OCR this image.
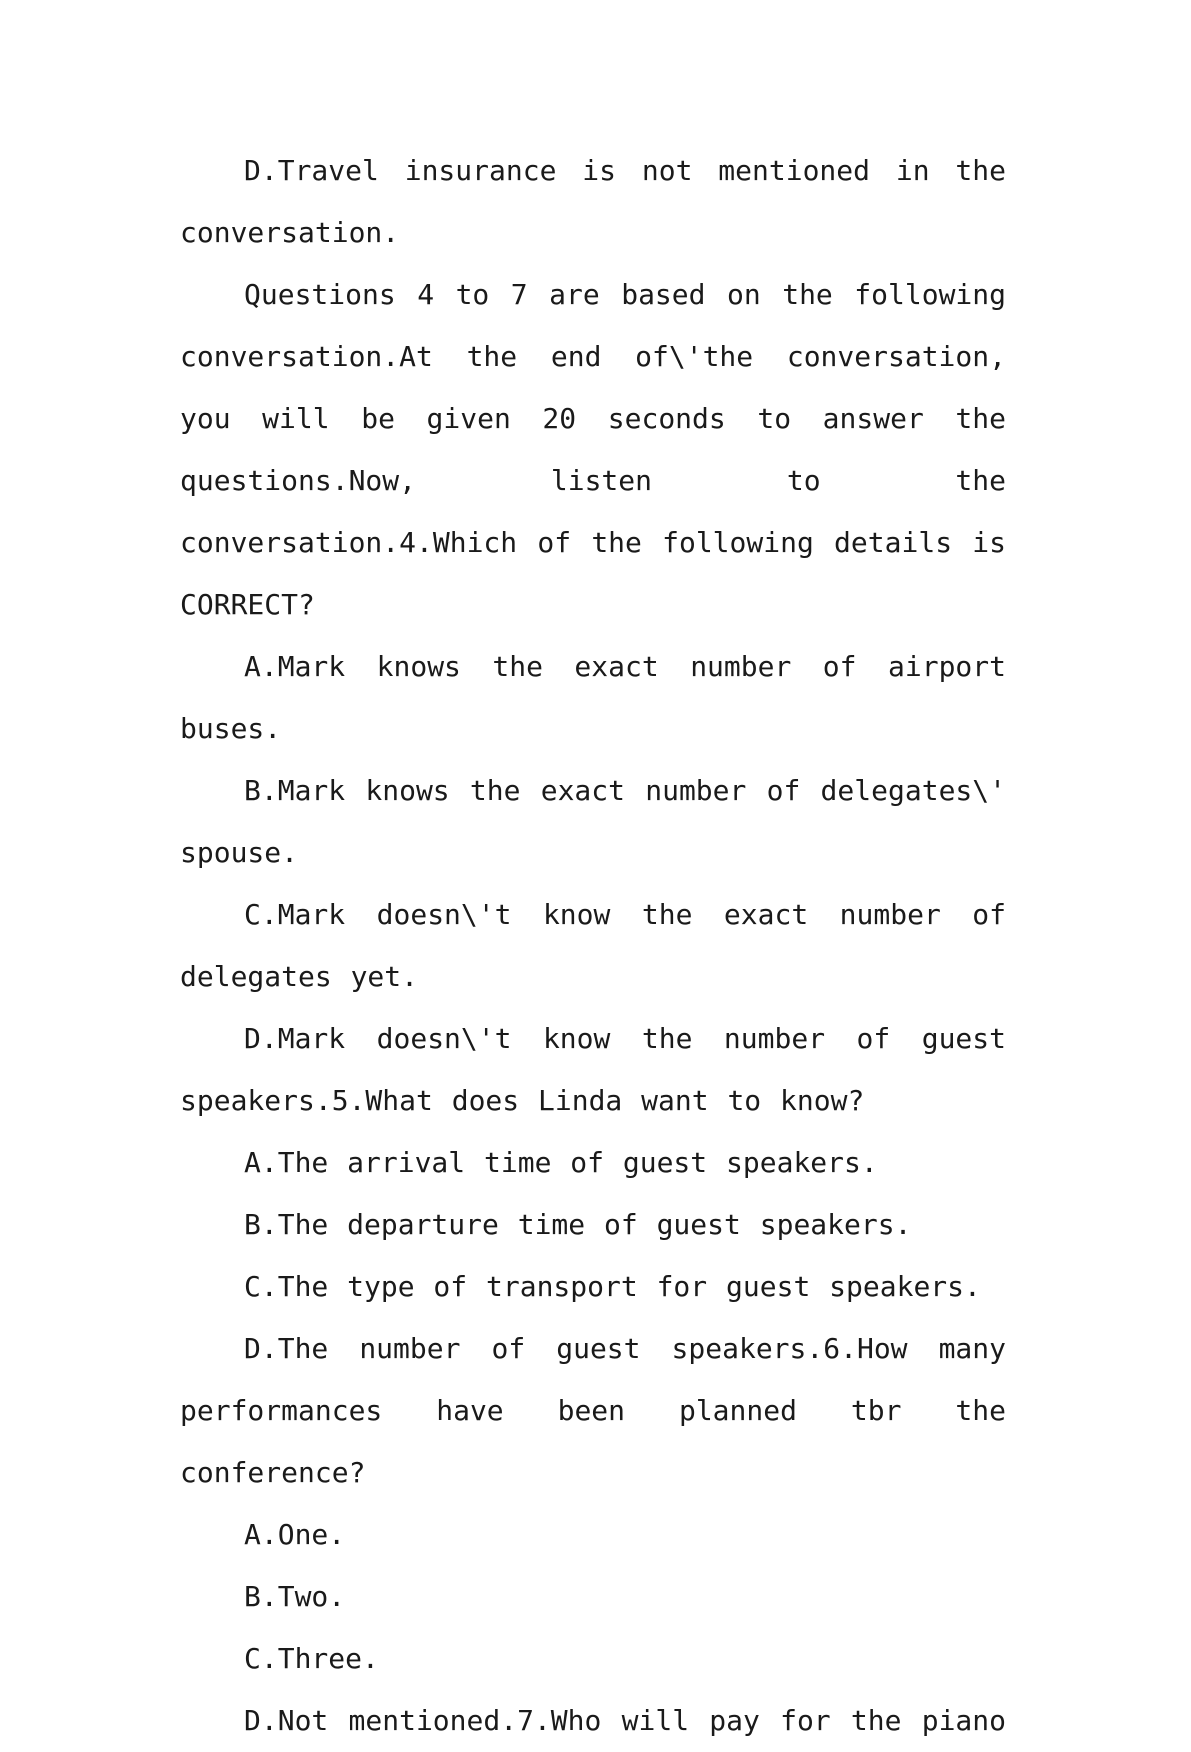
D.Travel insurance is not mentioned in the conversation.

Questions 4 to 7 are based on the following conversation.At the end of\'the conversation, you will be given 20 seconds to answer the questions.Now, listen to the conversation.4.Which of the following details is CORRECT?

A.Mark knows the exact number of airport buses.

B.Mark knows the exact number of delegates\' spouse.

C.Mark doesn\'t know the exact number of delegates yet.

D.Mark doesn\'t know the number of guest speakers.5.What does Linda want to know?

A.The arrival time of guest speakers.

B.The departure time of guest speakers.

C.The type of transport for guest speakers.

D.The number of guest speakers.6.How many performances have been planned tbr the conference?

A.One.

B.Two.

C.Three.

D.Not mentioned.7.Who will pay for the piano
